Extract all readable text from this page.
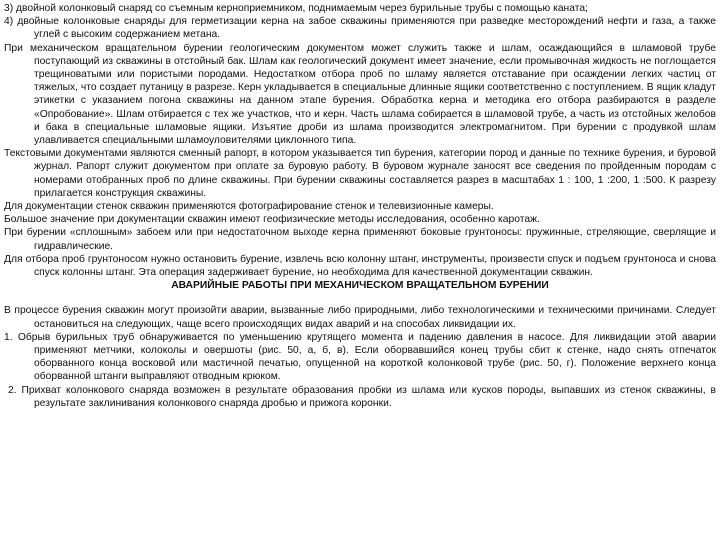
3) двойной колонковый снаряд со съемным керноприемником, поднимаемым через бурильные трубы с помощью каната;

4) двойные колонковые снаряды для герметизации керна на забое скважины применяются при разведке месторождений нефти и газа, а также углей с высоким содержанием метана.

При механическом вращательном бурении геологическим документом может служить также и шлам, осаждающийся в шламовой трубе поступающий из скважины в отстойный бак. Шлам как геологический документ имеет значение, если промывочная жидкость не поглощается трещиноватыми или пористыми породами. Недостатком отбора проб по шламу является отставание при осаждении легких частиц от тяжелых, что создает путаницу в разрезе. Керн укладывается в специальные длинные ящики соответственно с поступлением. В ящик кладут этикетки с указанием погона скважины на данном этапе бурения. Обработка керна и методика его отбора разбираются в разделе «Опробование». Шлам отбирается с тех же участков, что и керн. Часть шлама собирается в шламовой трубе, а часть из отстойных желобов и бака в специальные шламовые ящики. Изъятие дроби из шлама производится электромагнитом. При бурении с продувкой шлам улавливается специальными шламоуловителями циклонного типа.

Текстовыми документами являются сменный рапорт, в котором указывается тип бурения, категории пород и данные по технике бурения, и буровой журнал. Рапорт служит документом при оплате за буровую работу. В буровом журнале заносят все сведения по пройденным породам с номерами отобранных проб по длине скважины. При бурении скважины составляется разрез в масштабах 1 : 100, 1 :200, 1 :500. К разрезу прилагается конструкция скважины.

Для документации стенок скважин применяются фотографирование стенок и телевизионные камеры.

Большое значение при документации скважин имеют геофизические методы исследования, особенно каротаж.

При бурении «сплошным» забоем или при недостаточном выходе керна применяют боковые грунтоносы: пружинные, стреляющие, сверлящие и гидравлические.

Для отбора проб грунтоносом нужно остановить бурение, извлечь всю колонну штанг, инструменты, произвести спуск и подъем грунтоноса и снова спуск колонны штанг. Эта операция задерживает бурение, но необходима для качественной документации скважин.

АВАРИЙНЫЕ РАБОТЫ ПРИ МЕХАНИЧЕСКОМ ВРАЩАТЕЛЬНОМ БУРЕНИИ

В процессе бурения скважин могут произойти аварии, вызванные либо природными, либо технологическими и техническими причинами. Следует остановиться на следующих, чаще всего происходящих видах аварий и на способах ликвидации их.

1. Обрыв бурильных труб обнаруживается по уменьшению крутящего момента и падению давления в насосе. Для ликвидации этой аварии применяют метчики, колоколы и овершоты (рис. 50, а, б, в). Если оборвавшийся конец трубы сбит к стенке, надо снять отпечаток оборванного конца восковой или мастичной печатью, опущенной на короткой колонковой трубе (рис. 50, г). Положение верхнего конца оборванной штанги выправляют отводным крюком.

2. Прихват колонкового снаряда возможен в результате образования пробки из шлама или кусков породы, выпавших из стенок скважины, в результате заклинивания колонкового снаряда дробью и прижога коронки.
